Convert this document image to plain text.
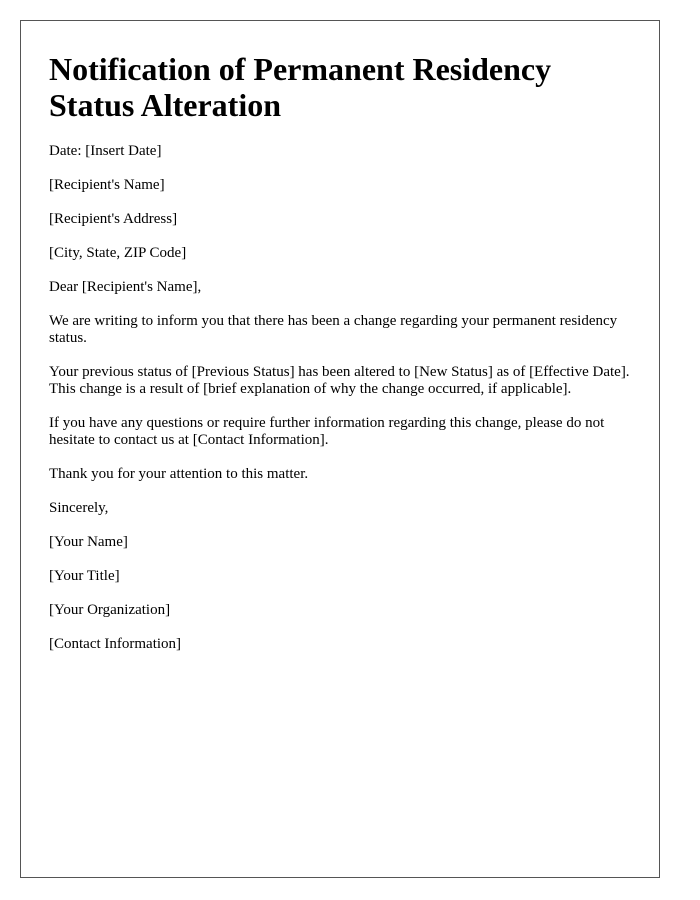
Notification of Permanent Residency Status Alteration

Date: [Insert Date]

[Recipient's Name]

[Recipient's Address]

[City, State, ZIP Code]

Dear [Recipient's Name],

We are writing to inform you that there has been a change regarding your permanent residency status.

Your previous status of [Previous Status] has been altered to [New Status] as of [Effective Date]. This change is a result of [brief explanation of why the change occurred, if applicable].

If you have any questions or require further information regarding this change, please do not hesitate to contact us at [Contact Information].

Thank you for your attention to this matter.

Sincerely,

[Your Name]

[Your Title]

[Your Organization]

[Contact Information]
